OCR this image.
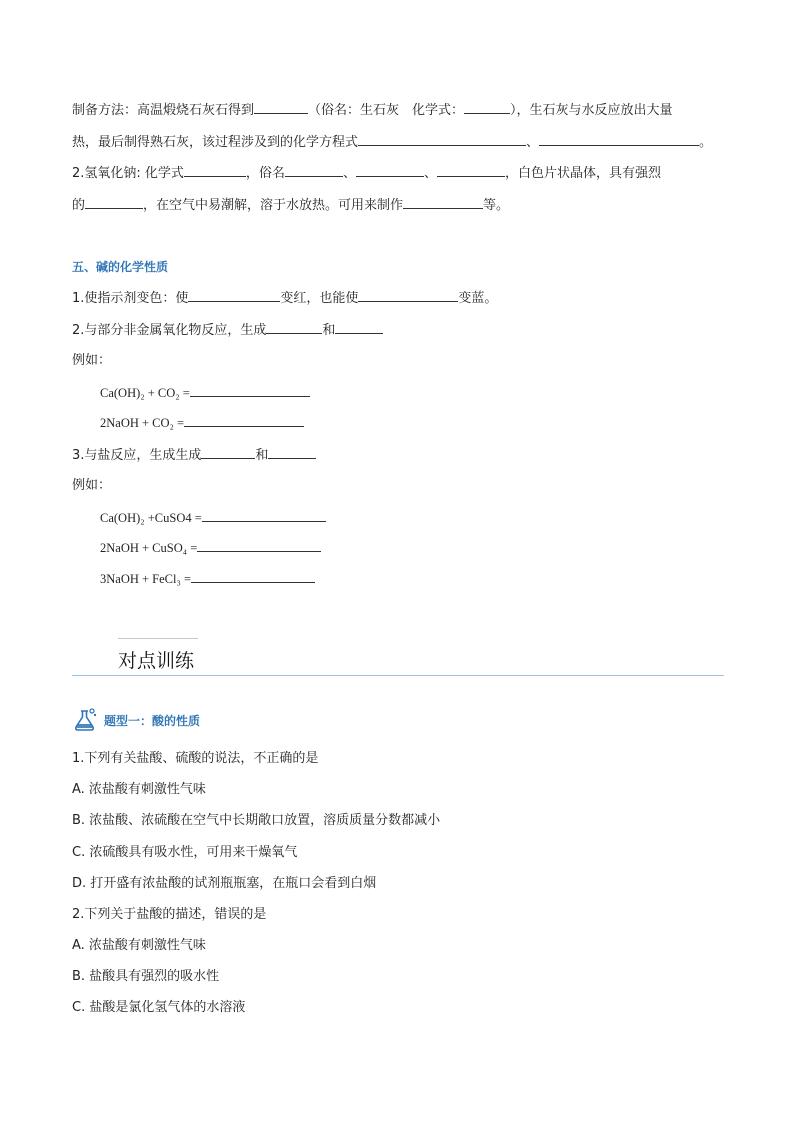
制备方法：高温煅烧石灰石得到	（俗名：生石灰　化学式：	），生石灰与水反应放出大量
热，最后制得熟石灰，该过程涉及到的化学方程式	、	。
2.氢氧化钠: 化学式	，俗名	、	、	，白色片状晶体，具有强烈
的	，在空气中易潮解，溶于水放热。可用来制作	等。
五、碱的化学性质
1.使指示剂变色：使	变红，也能使	变蓝。
2.与部分非金属氧化物反应，生成	和
例如：
Ca(OH)₂ + CO₂ =
2NaOH + CO₂ =
3.与盐反应，生成生成	和
例如：
Ca(OH)₂ +CuSO4 =
2NaOH + CuSO₄ =
3NaOH + FeCl₃ =
对点训练
题型一：酸的性质
1.下列有关盐酸、硫酸的说法，不正确的是
A. 浓盐酸有刺激性气味
B. 浓盐酸、浓硫酸在空气中长期敞口放置，溶质质量分数都减小
C. 浓硫酸具有吸水性，可用来干燥氧气
D. 打开盛有浓盐酸的试剂瓶瓶塞，在瓶口会看到白烟
2.下列关于盐酸的描述，错误的是
A. 浓盐酸有刺激性气味
B. 盐酸具有强烈的吸水性
C. 盐酸是氯化氢气体的水溶液
